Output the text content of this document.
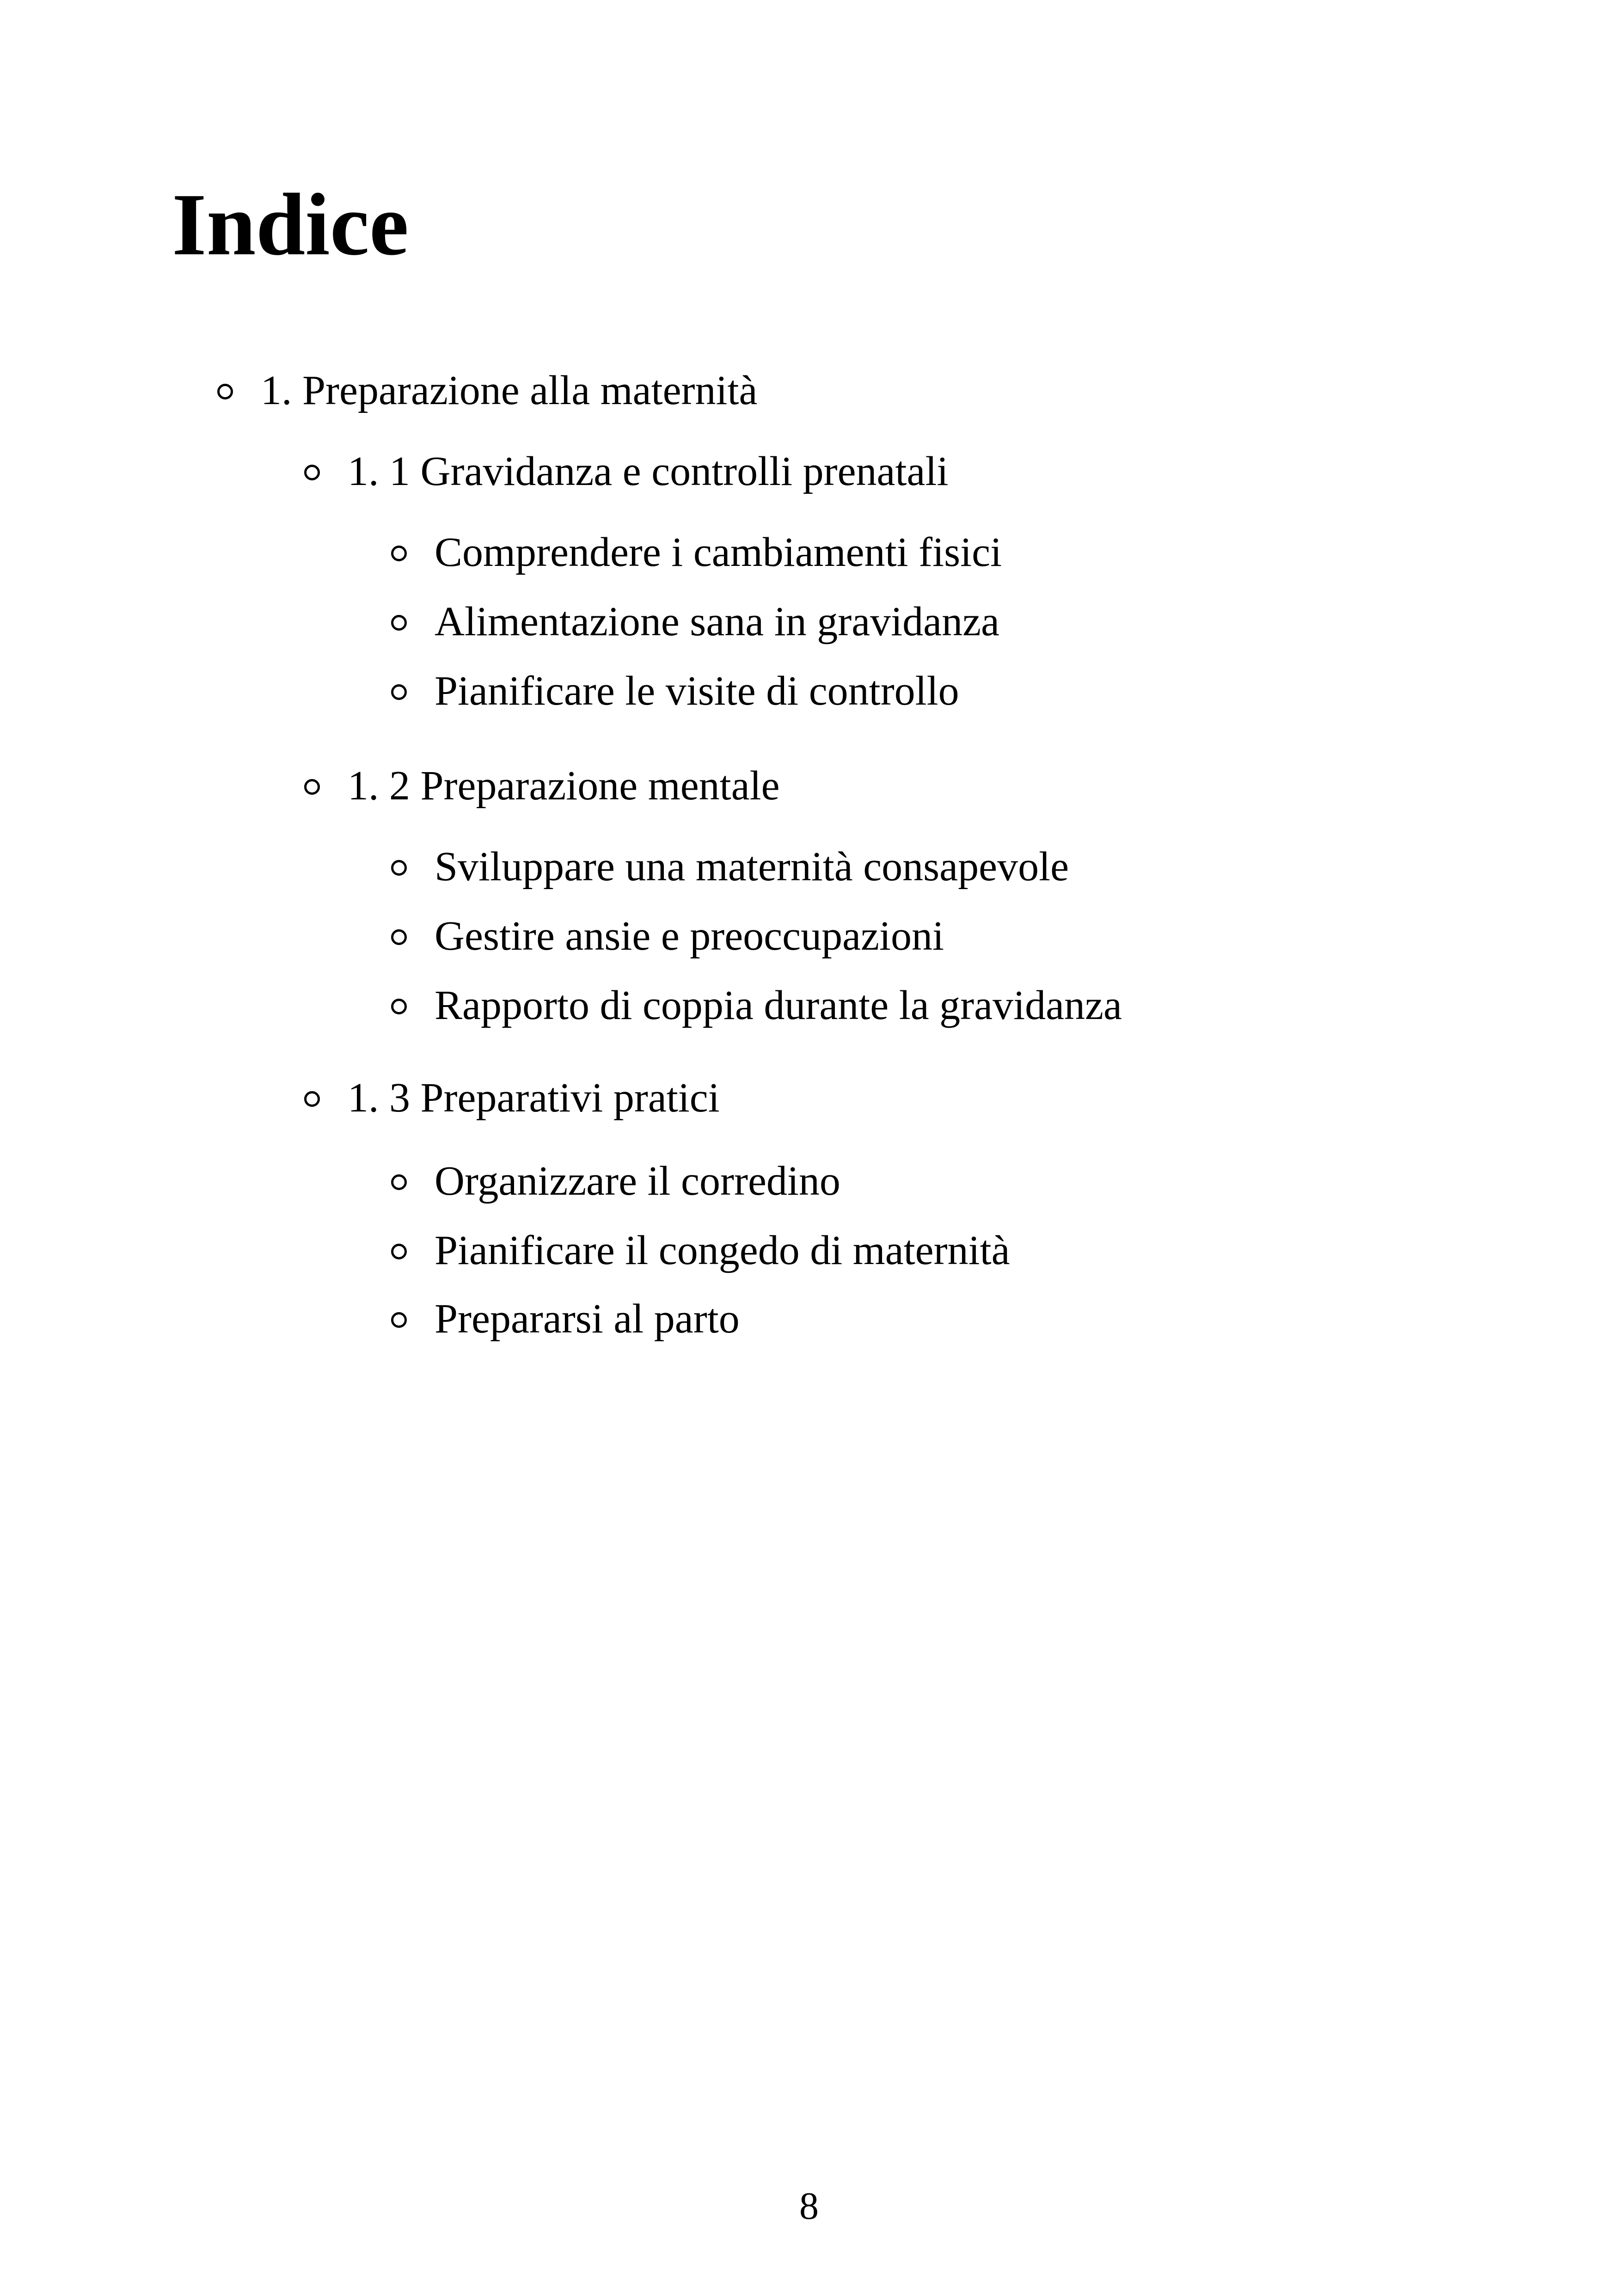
Indice
1. Preparazione alla maternità
1. 1 Gravidanza e controlli prenatali
Comprendere i cambiamenti fisici
Alimentazione sana in gravidanza
Pianificare le visite di controllo
1. 2 Preparazione mentale
Sviluppare una maternità consapevole
Gestire ansie e preoccupazioni
Rapporto di coppia durante la gravidanza
1. 3 Preparativi pratici
Organizzare il corredino
Pianificare il congedo di maternità
Prepararsi al parto
8
